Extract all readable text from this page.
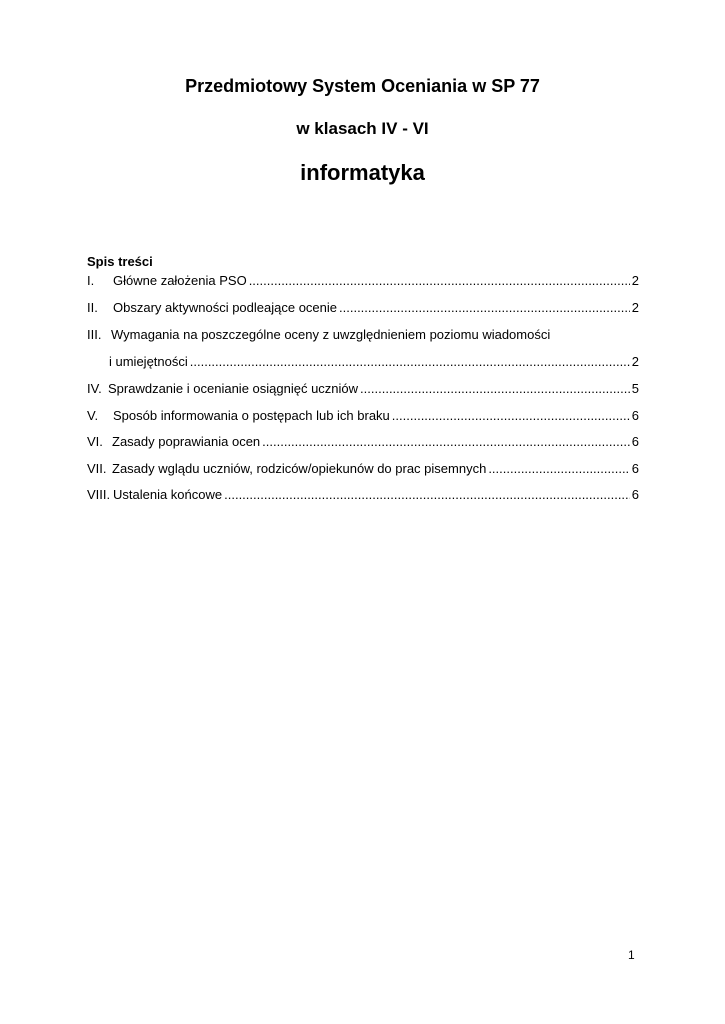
Przedmiotowy System Oceniania w SP 77
w klasach IV - VI
informatyka
Spis treści
I.	Główne założenia PSO .....	2
II.	Obszary aktywności podleające ocenie .....	2
III. Wymagania na poszczególne oceny z uwzględnieniem poziomu wiadomości
i umiejętności .....	2
IV. Sprawdzanie i ocenianie osiągnięć uczniów .....	5
V.	Sposób informowania o postępach lub ich braku .....	6
VI. Zasady poprawiania ocen .....	6
VII. Zasady wglądu uczniów, rodziców/opiekunów do prac pisemnych .....	6
VIII. Ustalenia końcowe .....	6
1
